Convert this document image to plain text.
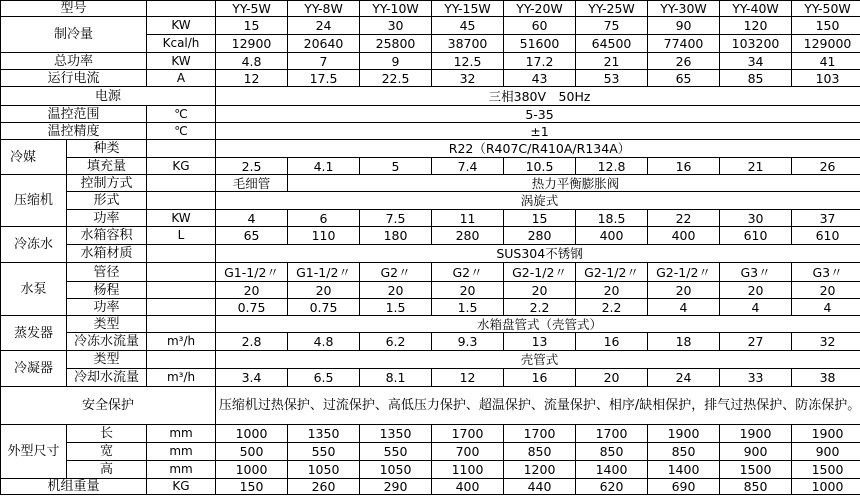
型号			YY-5W	YY-8W	YY-10W	YY-15W	YY-20W	YY-25W	YY-30W	YY-40W	YY-50W
制冷量		KW	15	24	30	45	60	75	90	120	150
		Kcal/h	12900	20640	25800	38700	51600	64500	77400	103200	129000
总功率		KW	4.8	7	9	12.5	17.2	21	26	34	41
运行电流		A	12	17.5	22.5	32	43	53	65	85	103
电源			三相380V　50Hz								
温控范围		℃	5-35								
温控精度		℃	±1								
冷媒	种类		R22（R407C/R410A/R134A）								
	填充量	KG	2.5	4.1	5	7.4	10.5	12.8	16	21	26
压缩机	控制方式		毛细管	热力平衡膨胀阀							
	形式		涡旋式								
	功率	KW	4	6	7.5	11	15	18.5	22	30	37
冷冻水	水箱容积	L	65	110	180	280	280	400	400	610	610
	水箱材质		SUS304不锈钢								
水泵	管径		G1-1/2〃	G1-1/2〃	G2〃	G2〃	G2-1/2〃	G2-1/2〃	G2-1/2〃	G3〃	G3〃
	杨程		20	20	20	20	20	20	20	20	20
	功率		0.75	0.75	1.5	1.5	2.2	2.2	4	4	4
蒸发器	类型		水箱盘管式（壳管式）								
	冷冻水流量	m³/h	2.8	4.8	6.2	9.3	13	16	18	27	32
冷凝器	类型		壳管式								
	冷却水流量	m³/h	3.4	6.5	8.1	12	16	20	24	33	38
安全保护			压缩机过热保护、过流保护、高低压力保护、超温保护、流量保护、相序/缺相保护，排气过热保护、防冻保护。								
外型尺寸	长	mm	1000	1350	1350	1700	1700	1700	1900	1900	1900
	宽	mm	500	550	550	700	850	850	850	900	900
	高	mm	1000	1050	1050	1100	1200	1400	1400	1500	1500
机组重量		KG	150	260	290	400	440	620	690	850	1000
